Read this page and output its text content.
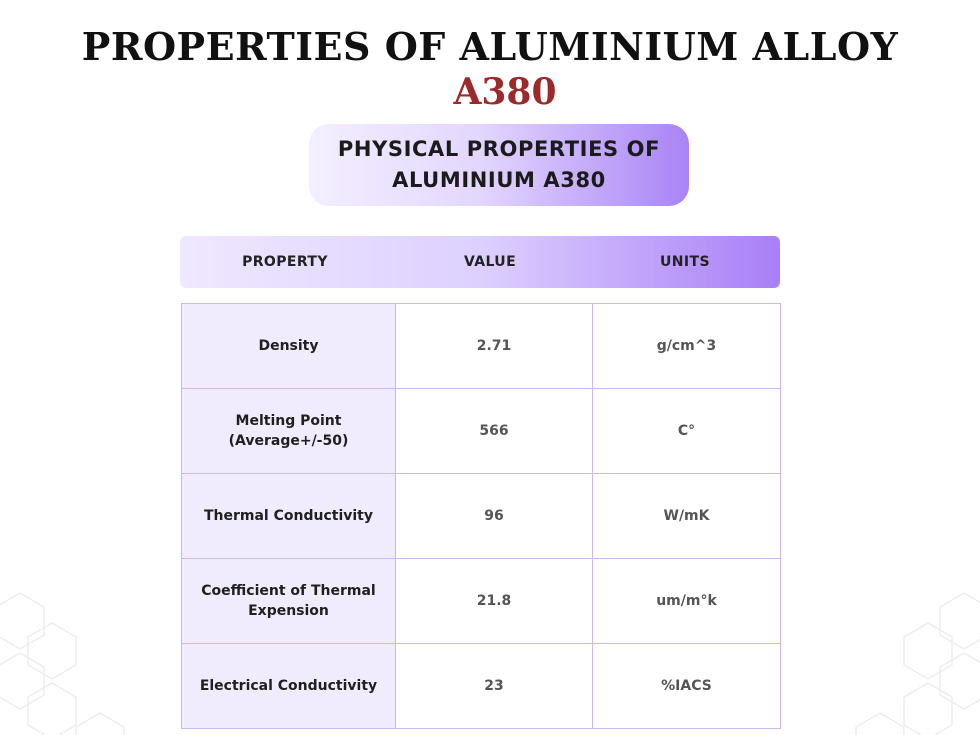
PROPERTIES OF ALUMINIUM ALLOY
A380
PHYSICAL PROPERTIES OF ALUMINIUM A380
PROPERTY	VALUE	UNITS
Density	2.71	g/cm^3
Melting Point (Average+/-50)	566	C°
Thermal Conductivity	96	W/mK
Coefficient of Thermal Expension	21.8	um/m°k
Electrical Conductivity	23	%IACS
